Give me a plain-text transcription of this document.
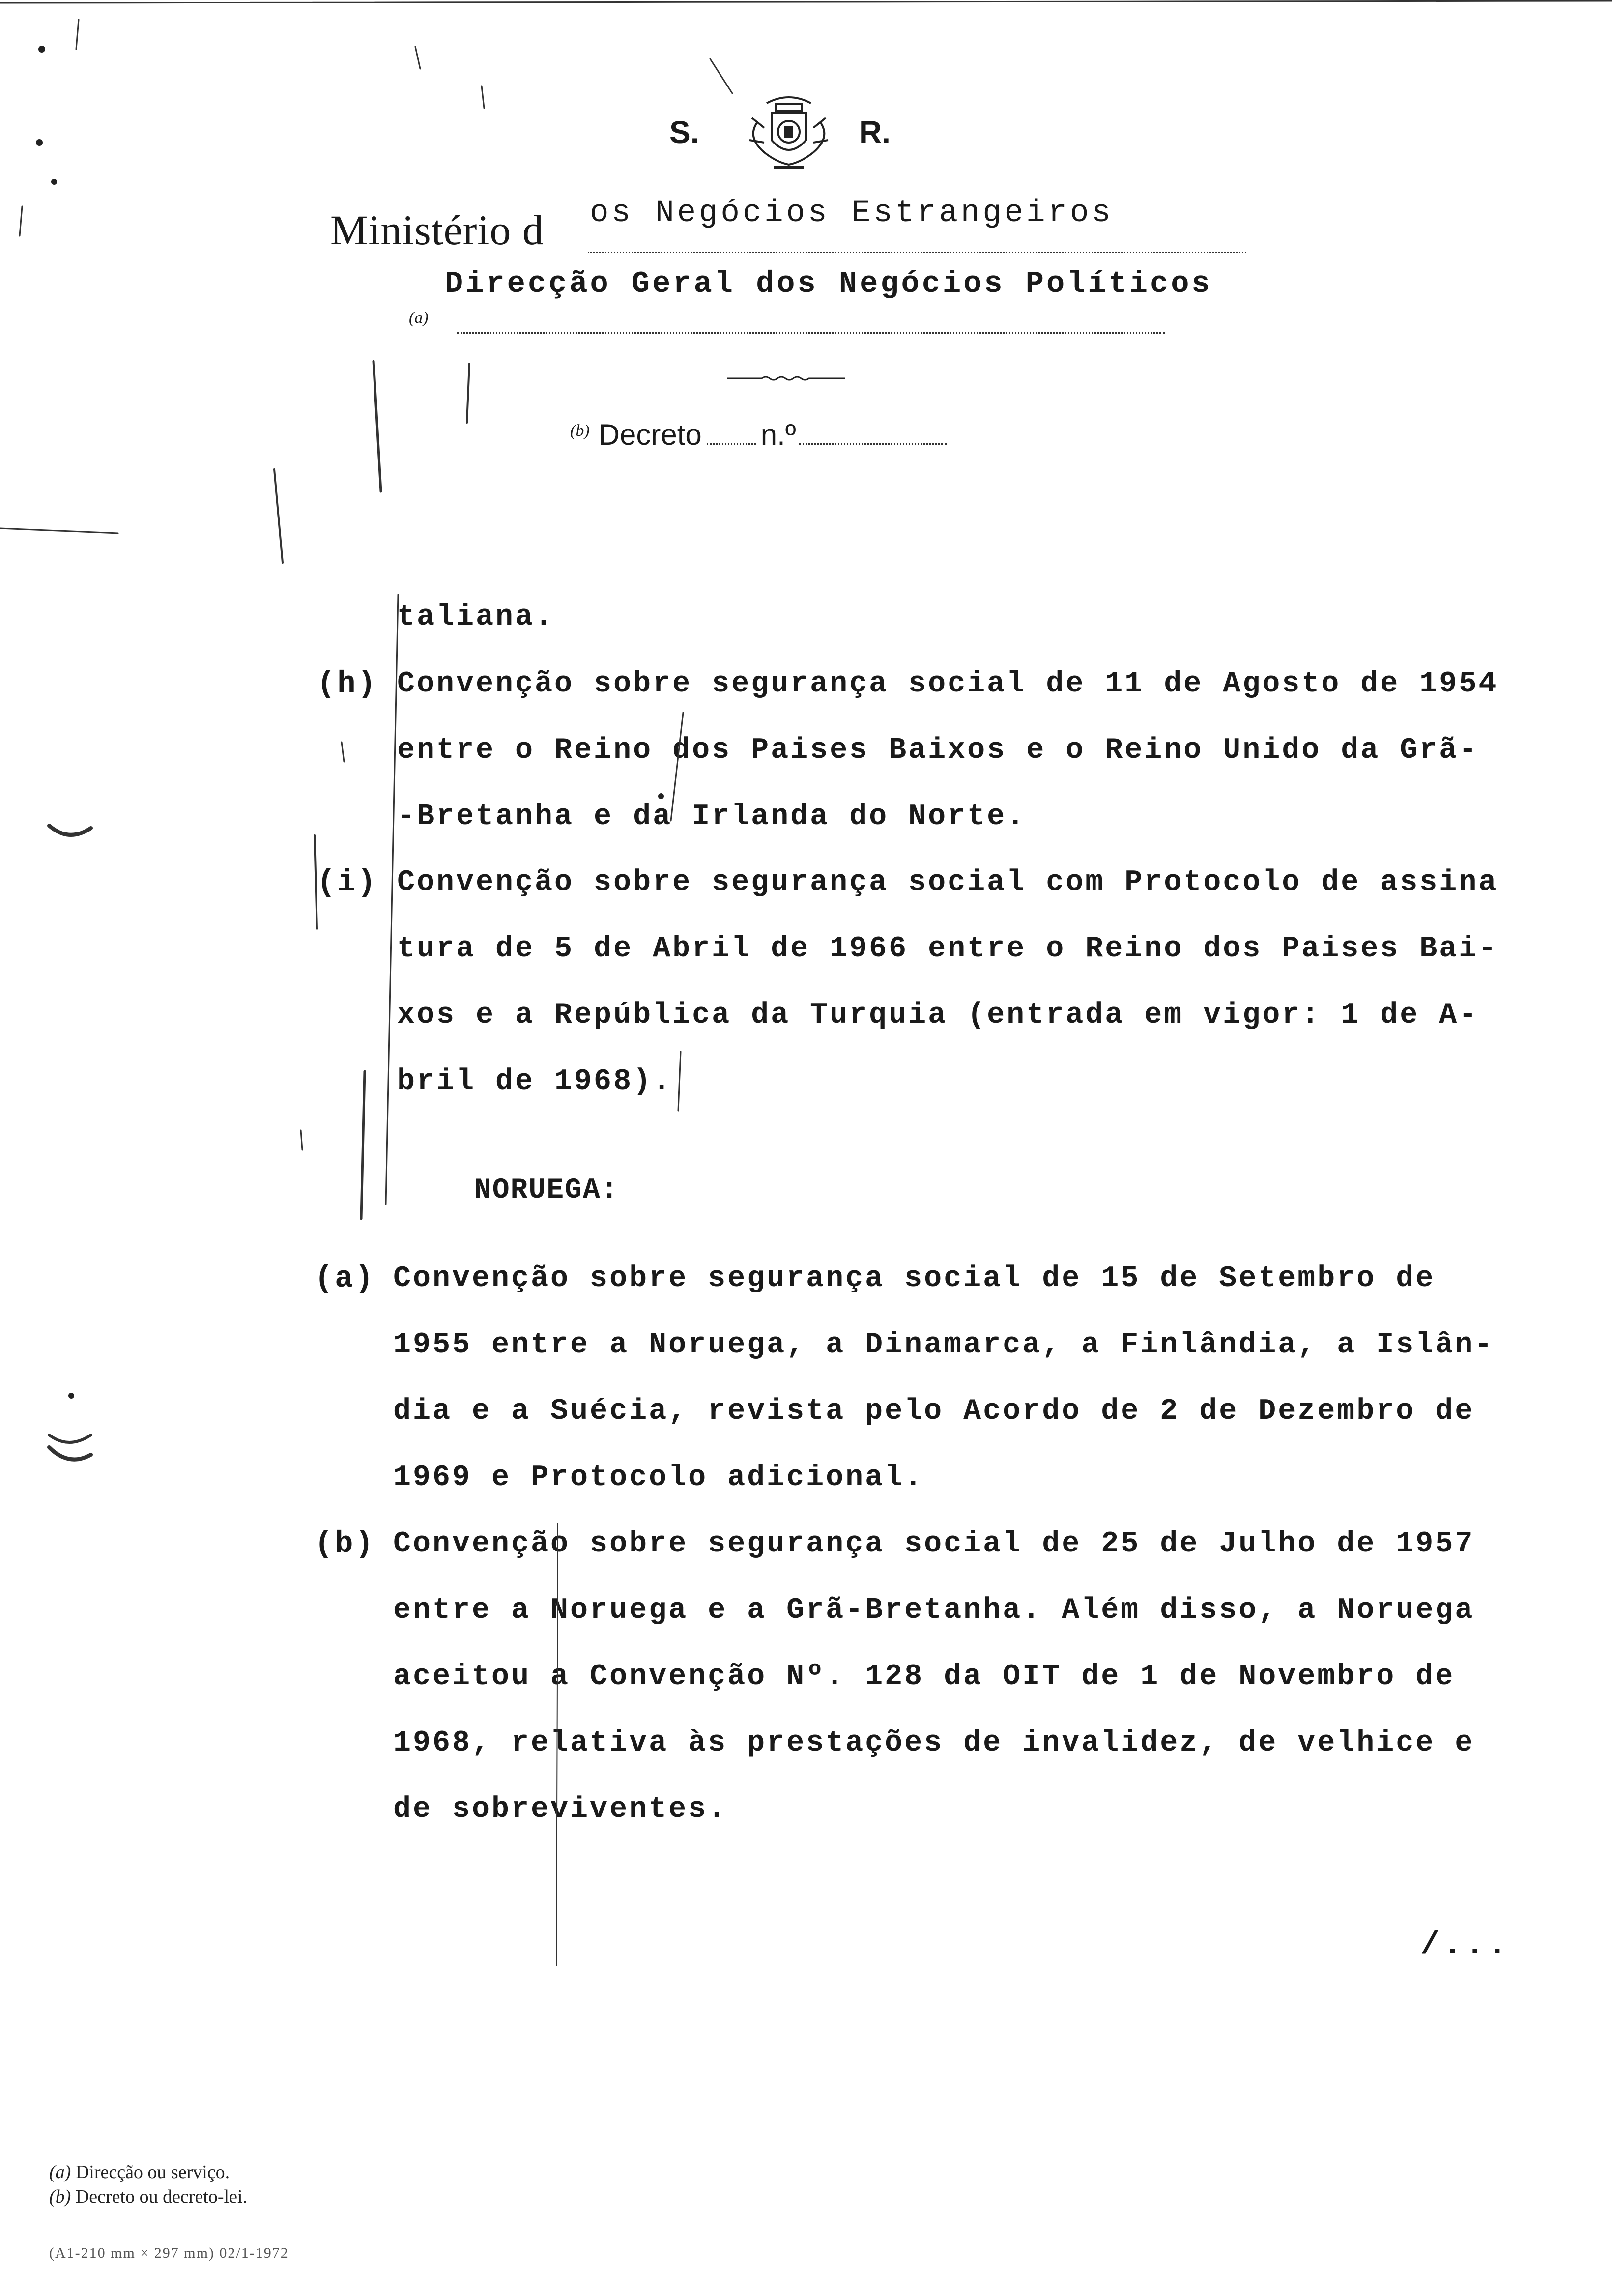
S.	R.
Ministério d os Negócios Estrangeiros
Direcção Geral dos Negócios Políticos
(a)
$^{(b)}$ Decreto n.º
taliana.
(h) Convenção sobre segurança social de 11 de Agosto de 1954
entre o Reino dos Paises Baixos e o Reino Unido da Grã-
-Bretanha e da Irlanda do Norte.
(i) Convenção sobre segurança social com Protocolo de assina
tura de 5 de Abril de 1966 entre o Reino dos Paises Bai-
xos e a República da Turquia (entrada em vigor: 1 de A-
bril de 1968).
NORUEGA:
(a) Convenção sobre segurança social de 15 de Setembro de
1955 entre a Noruega, a Dinamarca, a Finlândia, a Islân-
dia e a Suécia, revista pelo Acordo de 2 de Dezembro de
1969 e Protocolo adicional.
(b) Convenção sobre segurança social de 25 de Julho de 1957
entre a Noruega e a Grã-Bretanha. Além disso, a Noruega
aceitou a Convenção Nº. 128 da OIT de 1 de Novembro de
1968, relativa às prestações de invalidez, de velhice e
de sobreviventes.
/...
(a) Direcção ou serviço.
(b) Decreto ou decreto-lei.
(A1-210 mm × 297 mm) 02/1-1972
